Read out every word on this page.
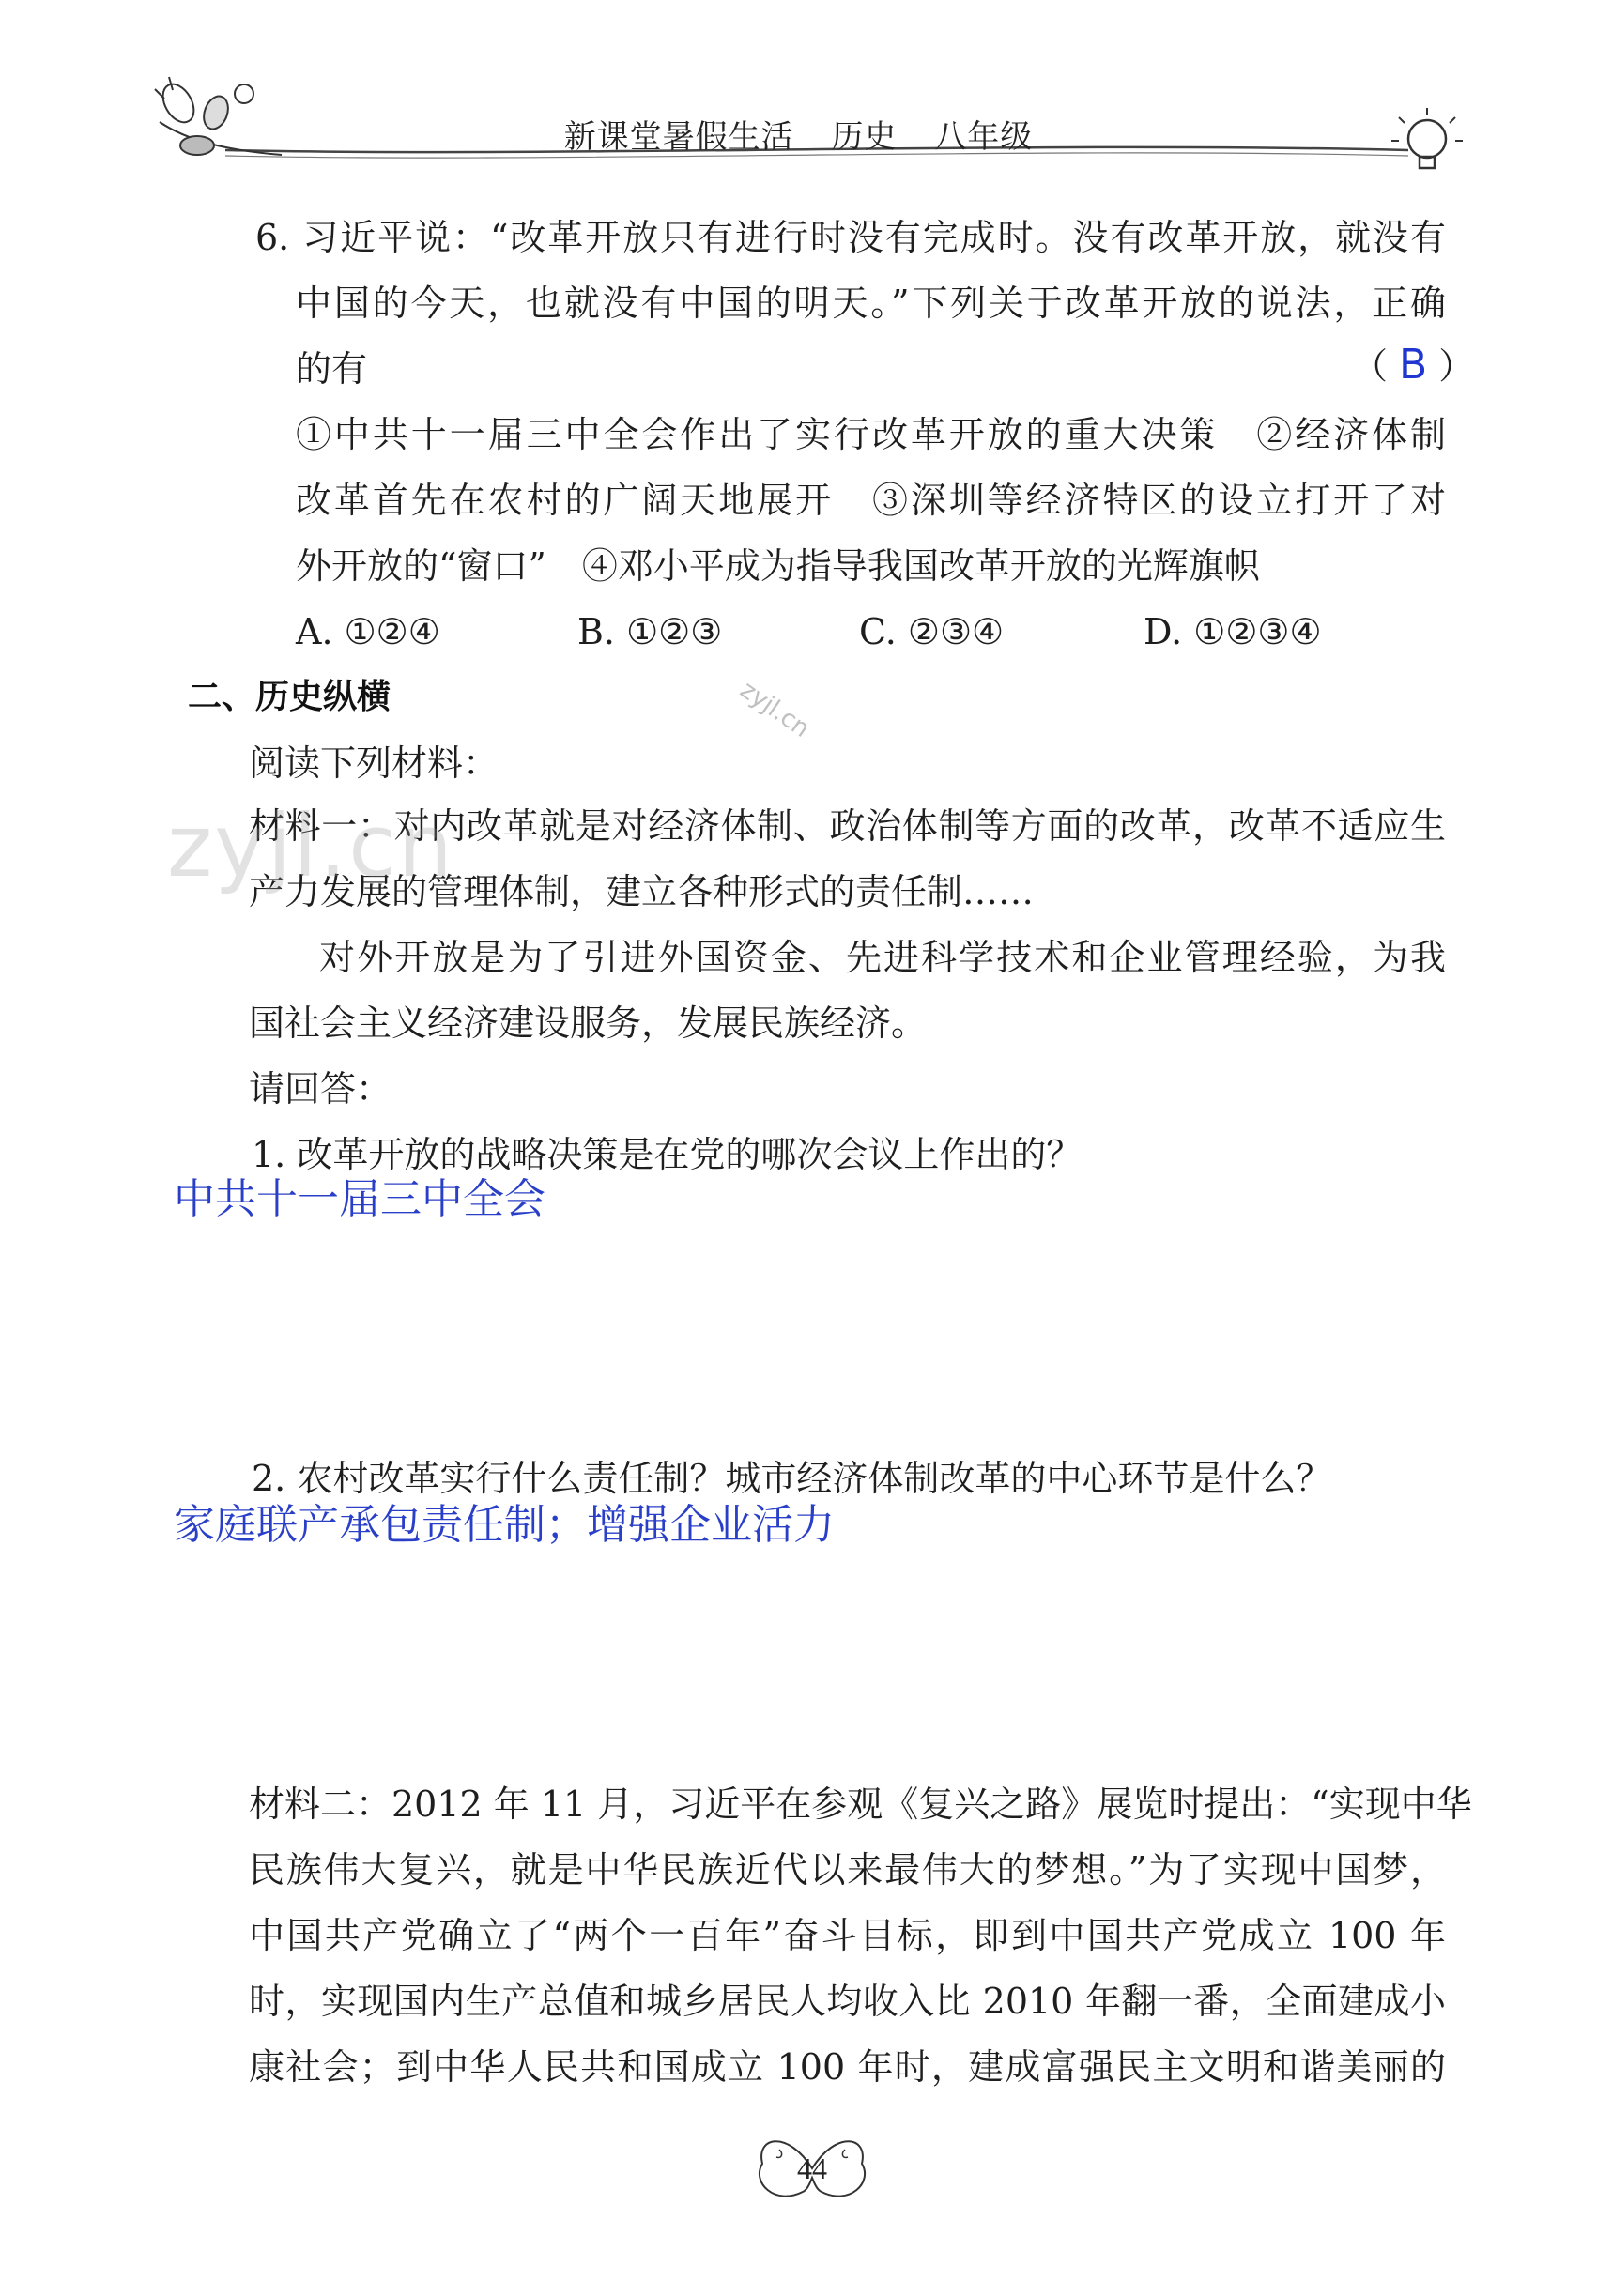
新课堂暑假生活 历史 八年级
6. 习近平说：“改革开放只有进行时没有完成时。没有改革开放，就没有
中国的今天，也就没有中国的明天。”下列关于改革开放的说法，正确
的有	（ B ）
①中共十一届三中全会作出了实行改革开放的重大决策　②经济体制
改革首先在农村的广阔天地展开　③深圳等经济特区的设立打开了对
外开放的“窗口”　④邓小平成为指导我国改革开放的光辉旗帜
A. ①②④	B. ①②③	C. ②③④	D. ①②③④
zyjl.cn
二、历史纵横
阅读下列材料：
材料一：对内改革就是对经济体制、政治体制等方面的改革，改革不适应生
产力发展的管理体制，建立各种形式的责任制……
对外开放是为了引进外国资金、先进科学技术和企业管理经验，为我
国社会主义经济建设服务，发展民族经济。
zyjl.cn
请回答：
1. 改革开放的战略决策是在党的哪次会议上作出的？
中共十一届三中全会
2. 农村改革实行什么责任制？城市经济体制改革的中心环节是什么？
家庭联产承包责任制；增强企业活力
材料二：2012 年 11 月，习近平在参观《复兴之路》展览时提出：“实现中华
民族伟大复兴，就是中华民族近代以来最伟大的梦想。”为了实现中国梦，
中国共产党确立了“两个一百年”奋斗目标，即到中国共产党成立 100 年
时，实现国内生产总值和城乡居民人均收入比 2010 年翻一番，全面建成小
康社会；到中华人民共和国成立 100 年时，建成富强民主文明和谐美丽的
44
